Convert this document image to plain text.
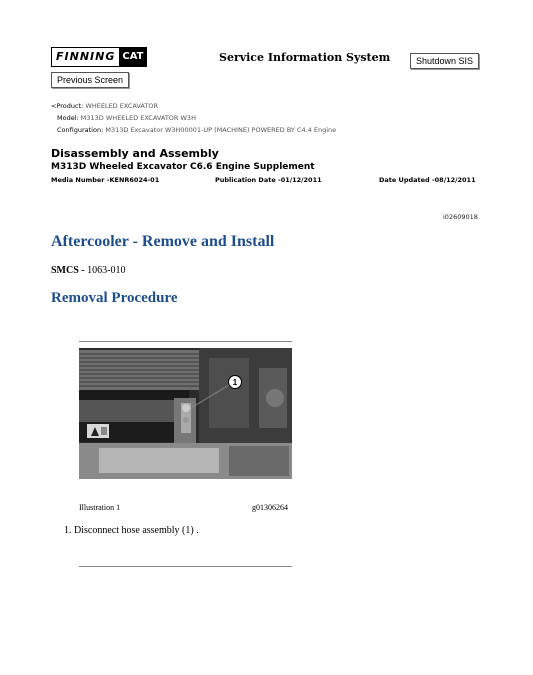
FINNING CAT	Service Information System	Shutdown SIS
Previous Screen
<Product: WHEELED EXCAVATOR
Model: M313D WHEELED EXCAVATOR W3H
Configuration: M313D Excavator W3H00001-UP (MACHINE) POWERED BY C4.4 Engine
Disassembly and Assembly
M313D Wheeled Excavator C6.6 Engine Supplement
Media Number -KENR6024-01	Publication Date -01/12/2011	Date Updated -08/12/2011
i02609018
Aftercooler - Remove and Install
SMCS - 1063-010
Removal Procedure
1
Illustration 1	g01306264
1. Disconnect hose assembly (1) .
